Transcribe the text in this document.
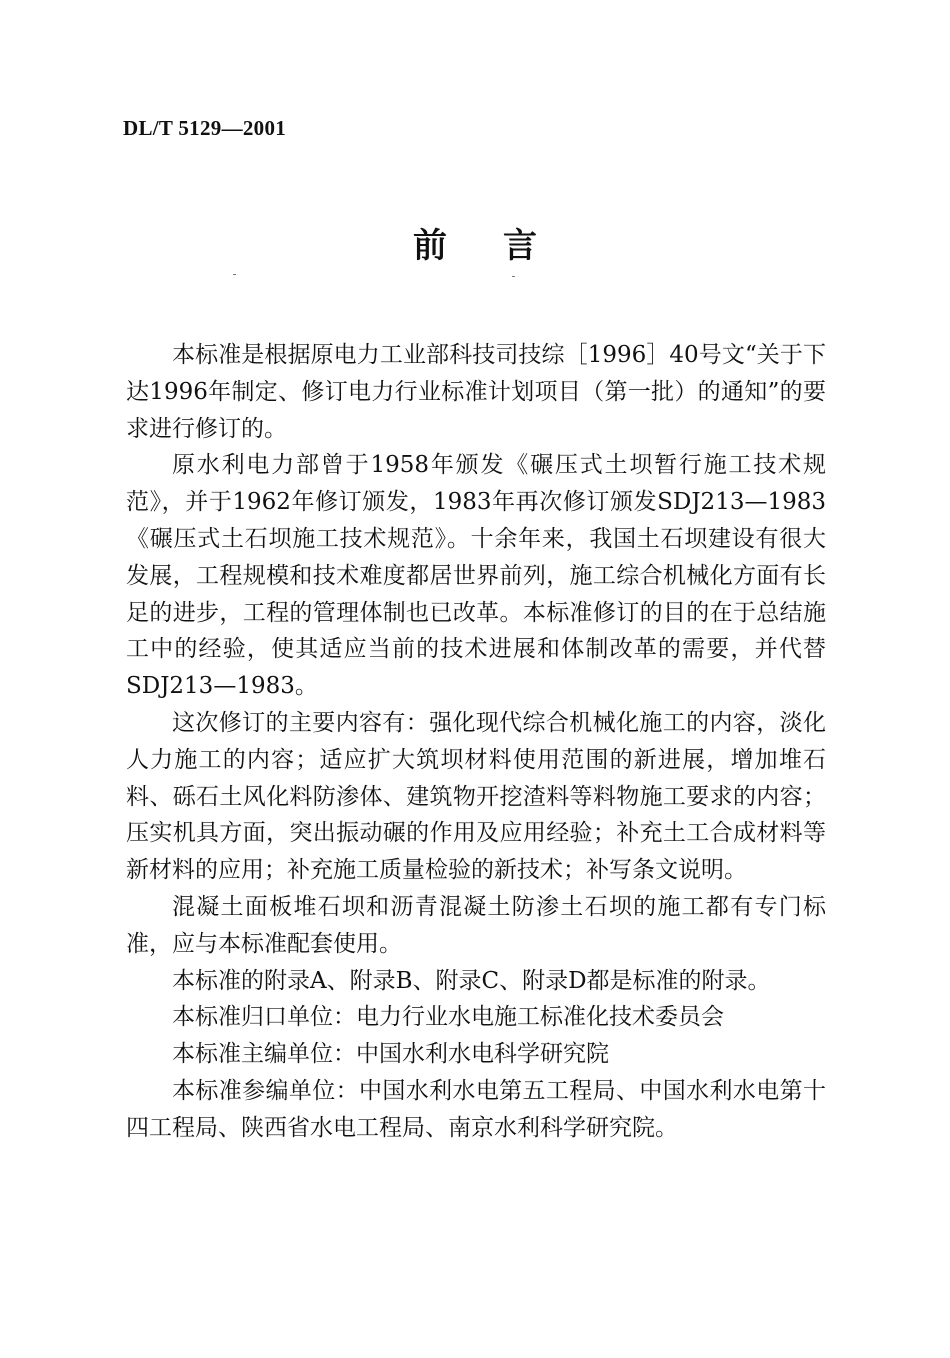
DL/T 5129—2001
前言

本标准是根据原电力工业部科技司技综［1996］40号文“关于下达1996年制定、修订电力行业标准计划项目（第一批）的通知”的要求进行修订的。

原水利电力部曾于1958年颁发《碾压式土坝暂行施工技术规范》，并于1962年修订颁发，1983年再次修订颁发SDJ213—1983《碾压式土石坝施工技术规范》。十余年来，我国土石坝建设有很大发展，工程规模和技术难度都居世界前列，施工综合机械化方面有长足的进步，工程的管理体制也已改革。本标准修订的目的在于总结施工中的经验，使其适应当前的技术进展和体制改革的需要，并代替SDJ213—1983。

这次修订的主要内容有：强化现代综合机械化施工的内容，淡化人力施工的内容；适应扩大筑坝材料使用范围的新进展，增加堆石料、砾石土风化料防渗体、建筑物开挖渣料等料物施工要求的内容；压实机具方面，突出振动碾的作用及应用经验；补充土工合成材料等新材料的应用；补充施工质量检验的新技术；补写条文说明。

混凝土面板堆石坝和沥青混凝土防渗土石坝的施工都有专门标准，应与本标准配套使用。

本标准的附录A、附录B、附录C、附录D都是标准的附录。

本标准归口单位：电力行业水电施工标准化技术委员会

本标准主编单位：中国水利水电科学研究院

本标准参编单位：中国水利水电第五工程局、中国水利水电第十四工程局、陕西省水电工程局、南京水利科学研究院。
